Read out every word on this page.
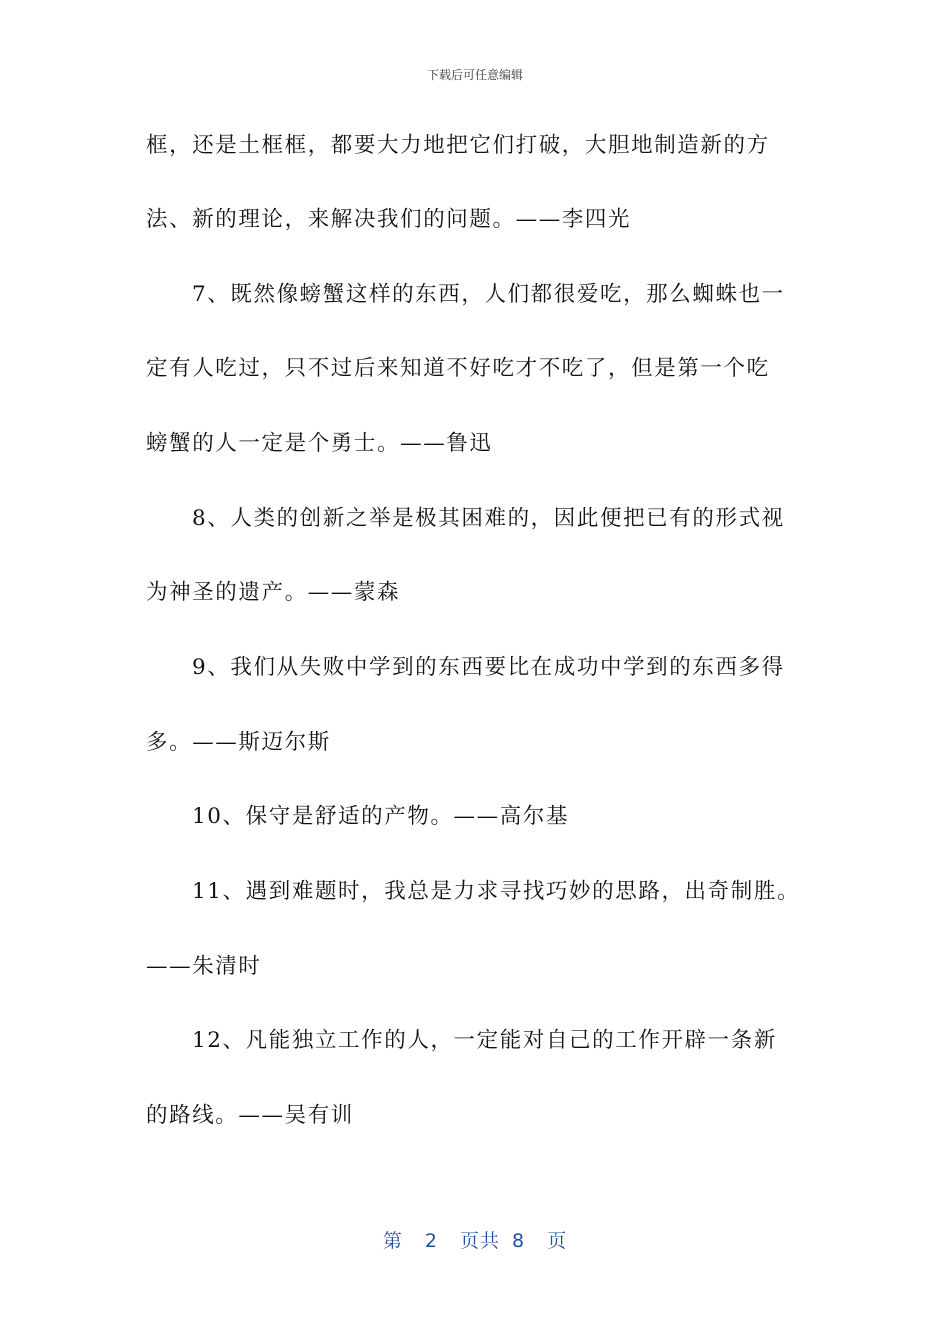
下载后可任意编辑
框，还是土框框，都要大力地把它们打破，大胆地制造新的方
法、新的理论，来解决我们的问题。——李四光
7、既然像螃蟹这样的东西，人们都很爱吃，那么蜘蛛也一
定有人吃过，只不过后来知道不好吃才不吃了，但是第一个吃
螃蟹的人一定是个勇士。——鲁迅
8、人类的创新之举是极其困难的，因此便把已有的形式视
为神圣的遗产。——蒙森
9、我们从失败中学到的东西要比在成功中学到的东西多得
多。——斯迈尔斯
10、保守是舒适的产物。——高尔基
11、遇到难题时，我总是力求寻找巧妙的思路，出奇制胜。
——朱清时
12、凡能独立工作的人，一定能对自己的工作开辟一条新
的路线。——吴有训
第 2 页共 8 页
